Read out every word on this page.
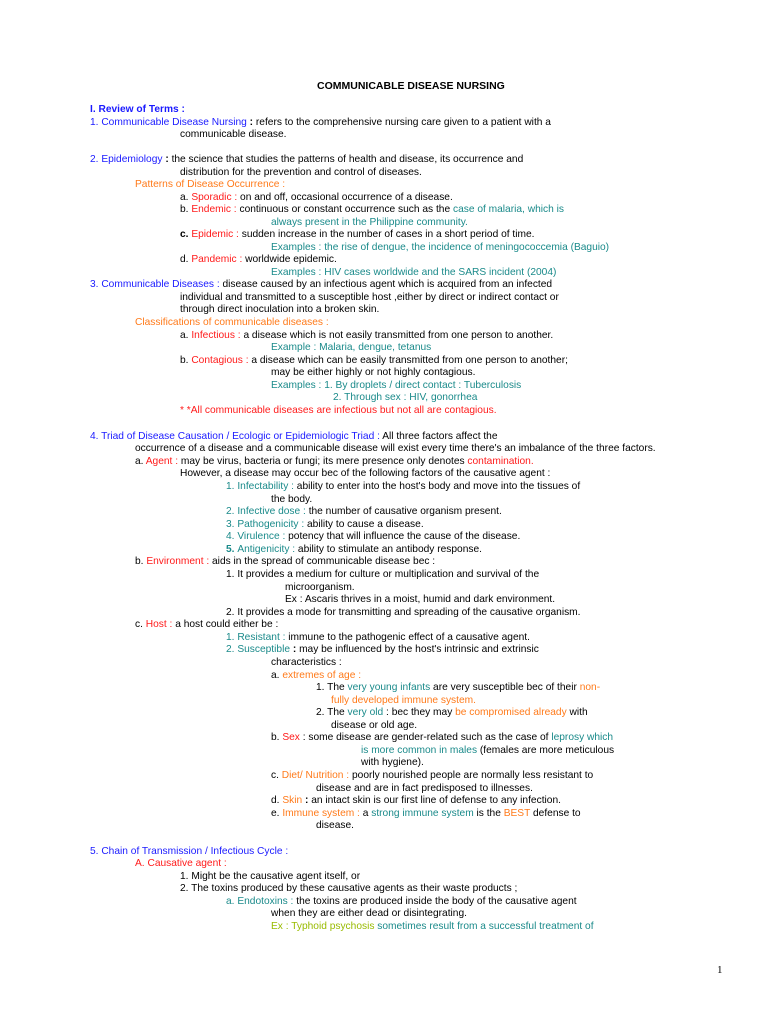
COMMUNICABLE DISEASE NURSING
I. Review of Terms :
1. Communicable Disease Nursing : refers to the comprehensive nursing care given to a patient with a
communicable disease.
2. Epidemiology : the science that studies the patterns of health and disease, its occurrence and
distribution for the prevention and control of diseases.
Patterns of Disease Occurrence :
a. Sporadic : on and off, occasional occurrence of a disease.
b. Endemic : continuous or constant occurrence such as the case of malaria, which is
always present in the Philippine community.
c. Epidemic : sudden increase in the number of cases in a short period of time.
Examples : the rise of dengue, the incidence of meningococcemia (Baguio)
d. Pandemic : worldwide epidemic.
Examples : HIV cases worldwide and the SARS incident (2004)
3. Communicable Diseases : disease caused by an infectious agent which is acquired from an infected
individual and transmitted to a susceptible host ,either by direct or indirect contact or
through direct inoculation into a broken skin.
Classifications of communicable diseases :
a. Infectious : a disease which is not easily transmitted from one person to another.
Example : Malaria, dengue, tetanus
b. Contagious : a disease which can be easily transmitted from one person to another;
may be either highly or not highly contagious.
Examples : 1. By droplets / direct contact : Tuberculosis
2. Through sex : HIV, gonorrhea
* *All communicable diseases are infectious but not all are contagious.
4. Triad of Disease Causation / Ecologic or Epidemiologic Triad : All three factors affect the
occurrence of a disease and a communicable disease will exist every time there's an imbalance of the three factors.
a. Agent : may be virus, bacteria or fungi; its mere presence only denotes contamination.
However, a disease may occur bec of the following factors of the causative agent :
1. Infectability : ability to enter into the host's body and move into the tissues of
the body.
2. Infective dose : the number of causative organism present.
3. Pathogenicity : ability to cause a disease.
4. Virulence : potency that will influence the cause of the disease.
5. Antigenicity : ability to stimulate an antibody response.
b. Environment : aids in the spread of communicable disease bec :
1. It provides a medium for culture or multiplication and survival of the
microorganism.
Ex : Ascaris thrives in a moist, humid and dark environment.
2. It provides a mode for transmitting and spreading of the causative organism.
c. Host : a host could either be :
1. Resistant : immune to the pathogenic effect of a causative agent.
2. Susceptible : may be influenced by the host's intrinsic and extrinsic
characteristics :
a. extremes of age :
1. The very young infants are very susceptible bec of their non-
fully developed immune system.
2. The very old : bec they may be compromised already with
disease or old age.
b. Sex : some disease are gender-related such as the case of leprosy which
is more common in males (females are more meticulous
with hygiene).
c. Diet/ Nutrition : poorly nourished people are normally less resistant to
disease and are in fact predisposed to illnesses.
d. Skin : an intact skin is our first line of defense to any infection.
e. Immune system : a strong immune system is the BEST defense to
disease.
5. Chain of Transmission / Infectious Cycle :
A. Causative agent :
1. Might be the causative agent itself, or
2. The toxins produced by these causative agents as their waste products ;
a. Endotoxins : the toxins are produced inside the body of the causative agent
when they are either dead or disintegrating.
Ex : Typhoid psychosis sometimes result from a successful treatment of
1
